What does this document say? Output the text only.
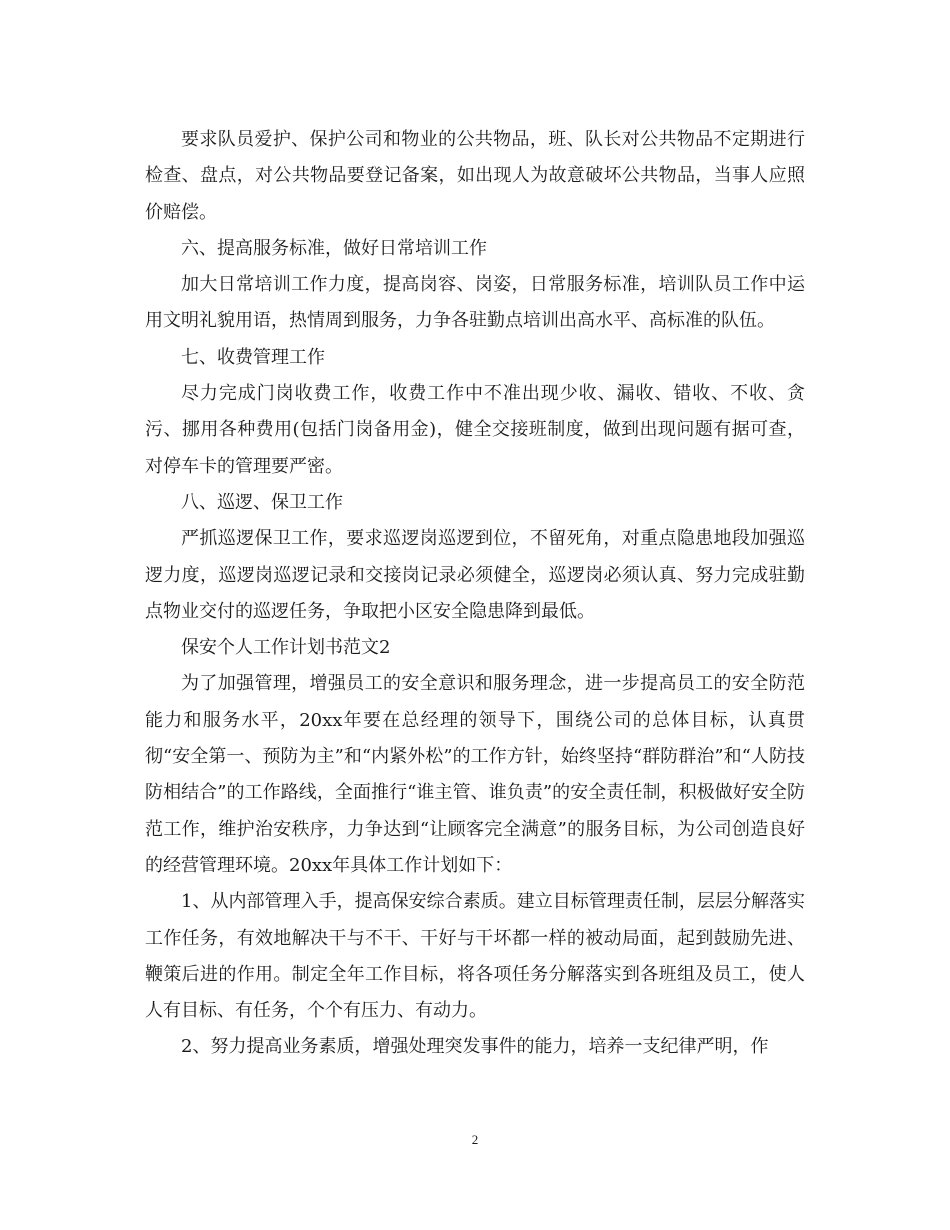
要求队员爱护、保护公司和物业的公共物品，班、队长对公共物品不定期进行检查、盘点，对公共物品要登记备案，如出现人为故意破坏公共物品，当事人应照价赔偿。

六、提高服务标准，做好日常培训工作

加大日常培训工作力度，提高岗容、岗姿，日常服务标准，培训队员工作中运用文明礼貌用语，热情周到服务，力争各驻勤点培训出高水平、高标准的队伍。

七、收费管理工作

尽力完成门岗收费工作，收费工作中不准出现少收、漏收、错收、不收、贪污、挪用各种费用(包括门岗备用金)，健全交接班制度，做到出现问题有据可查，对停车卡的管理要严密。

八、巡逻、保卫工作

严抓巡逻保卫工作，要求巡逻岗巡逻到位，不留死角，对重点隐患地段加强巡逻力度，巡逻岗巡逻记录和交接岗记录必须健全，巡逻岗必须认真、努力完成驻勤点物业交付的巡逻任务，争取把小区安全隐患降到最低。

保安个人工作计划书范文2

为了加强管理，增强员工的安全意识和服务理念，进一步提高员工的安全防范能力和服务水平，20xx年要在总经理的领导下，围绕公司的总体目标，认真贯彻“安全第一、预防为主”和“内紧外松”的工作方针，始终坚持“群防群治”和“人防技防相结合”的工作路线，全面推行“谁主管、谁负责”的安全责任制，积极做好安全防范工作，维护治安秩序，力争达到“让顾客完全满意”的服务目标，为公司创造良好的经营管理环境。20xx年具体工作计划如下：

1、从内部管理入手，提高保安综合素质。建立目标管理责任制，层层分解落实工作任务，有效地解决干与不干、干好与干坏都一样的被动局面，起到鼓励先进、鞭策后进的作用。制定全年工作目标，将各项任务分解落实到各班组及员工，使人人有目标、有任务，个个有压力、有动力。

2、努力提高业务素质，增强处理突发事件的能力，培养一支纪律严明，作

2
